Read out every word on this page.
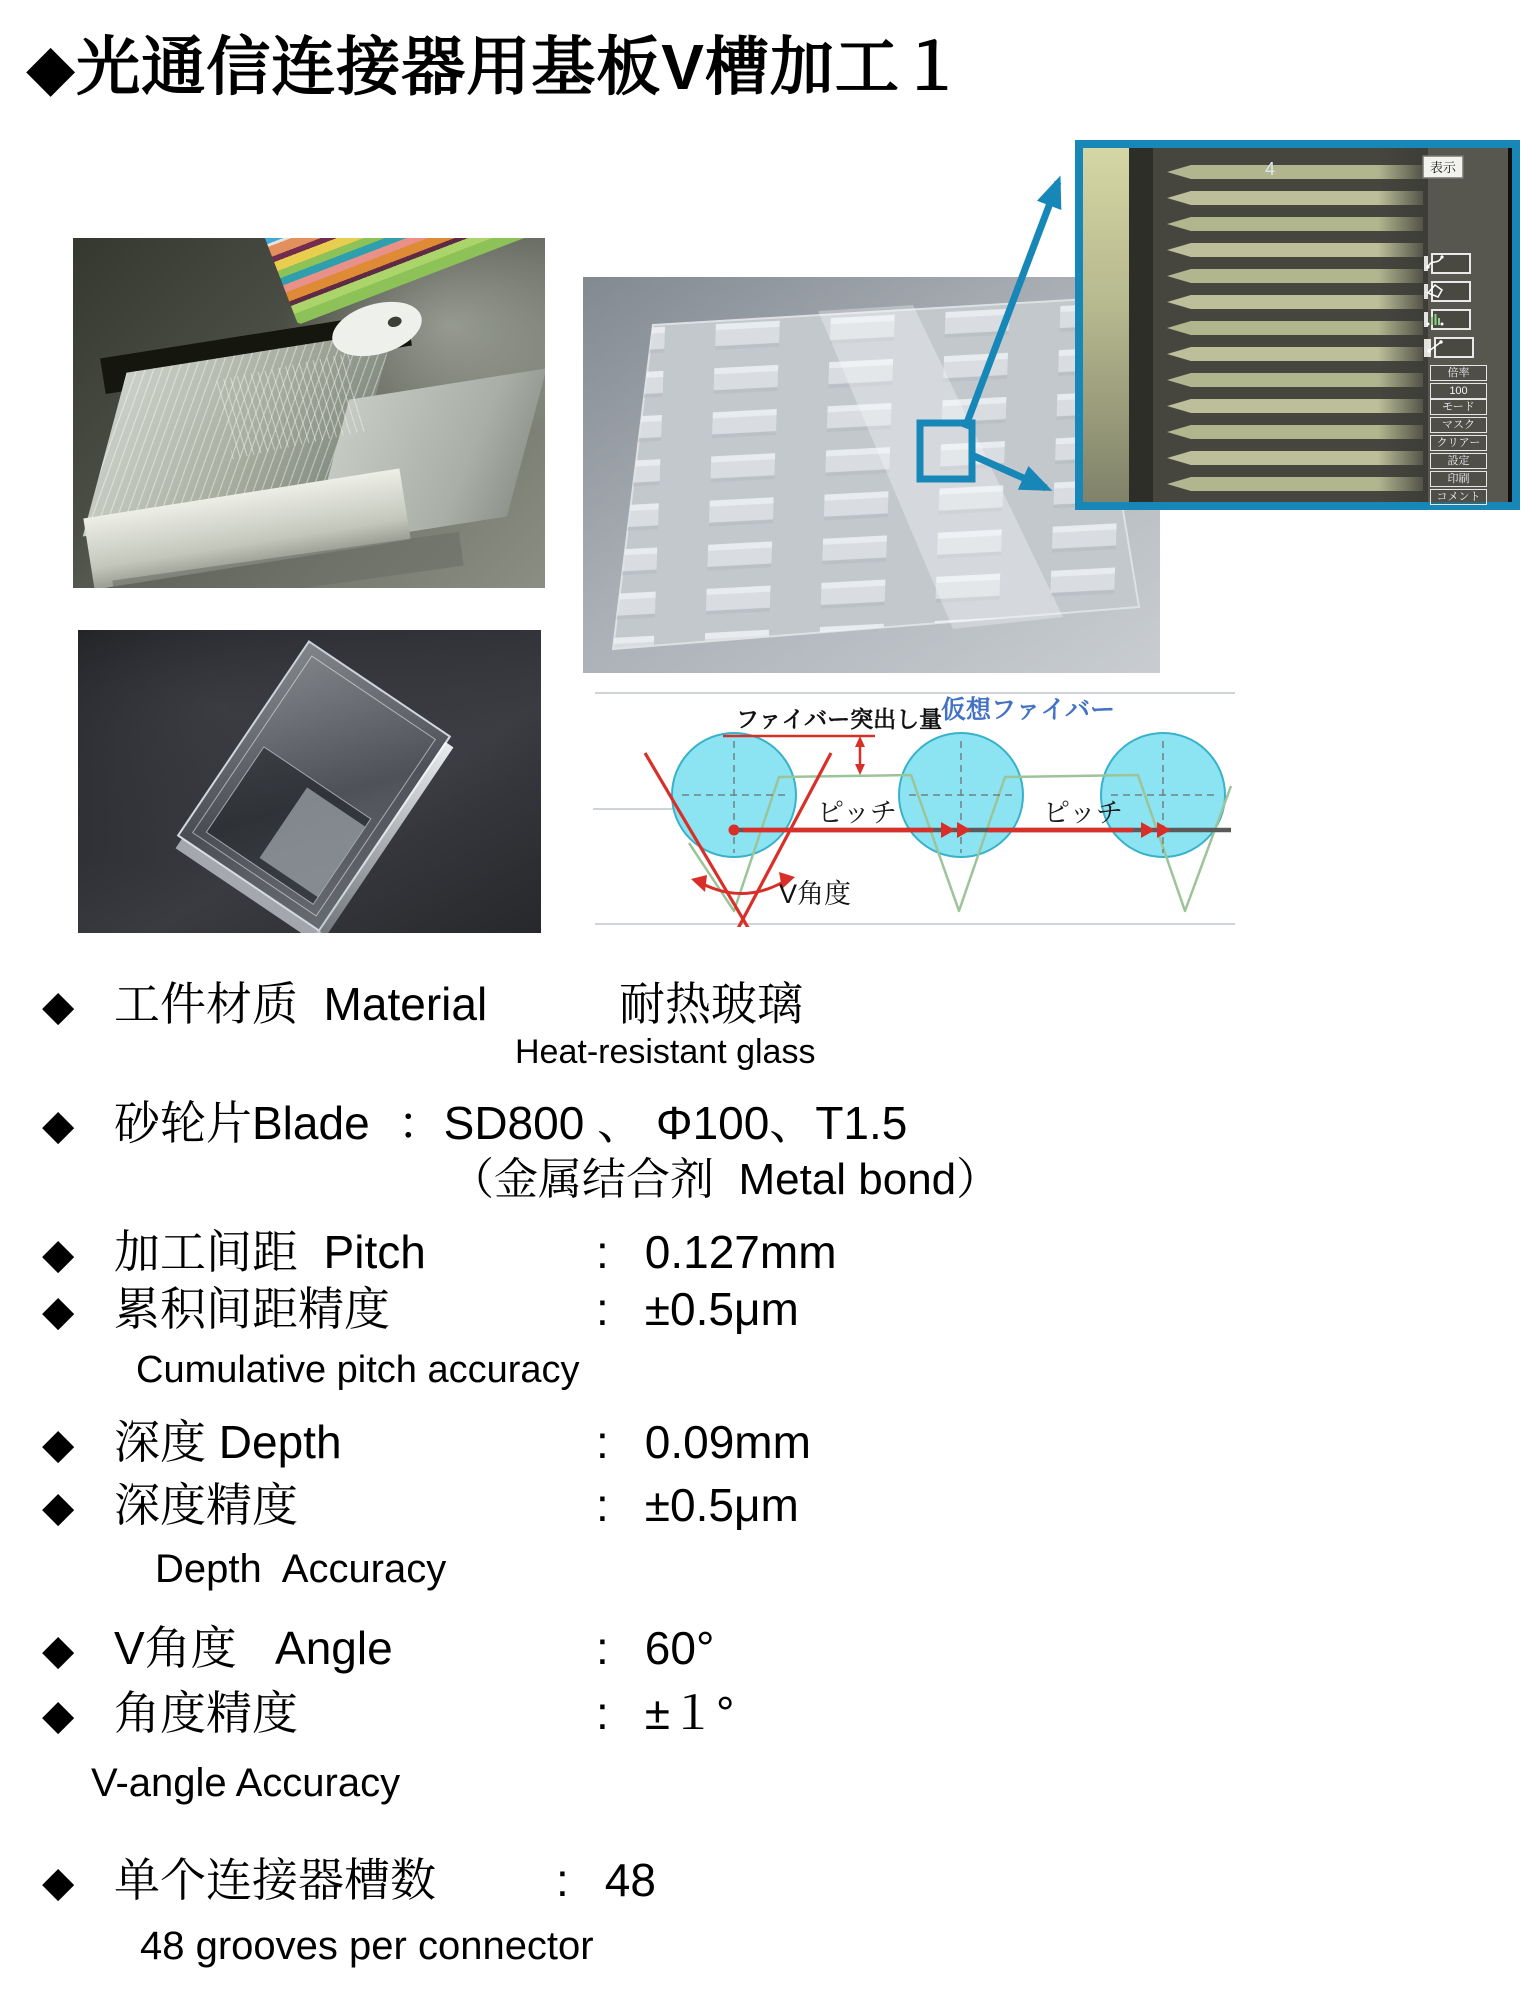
◆光通信连接器用基板V槽加工１
4	表示
倍率
100
モード
マスク
クリアー
設定
印刷
コメント
ファイバー突出し量
仮想ファイバー
ピッチ	ピッチ
V角度
◆ 工件材质  Material	耐热玻璃
Heat-resistant glass
◆ 砂轮片Blade ： SD800 、 Φ100、T1.5
（金属结合剂  Metal bond）
◆ 加工间距  Pitch	: 0.127mm
◆ 累积间距精度	: ±0.5μm
Cumulative pitch accuracy
◆ 深度 Depth	: 0.09mm
◆ 深度精度	: ±0.5μm
Depth  Accuracy
◆ V角度   Angle	: 60°
◆ 角度精度	: ±１°
V-angle Accuracy
◆ 单个连接器槽数	: 48
48 grooves per connector
